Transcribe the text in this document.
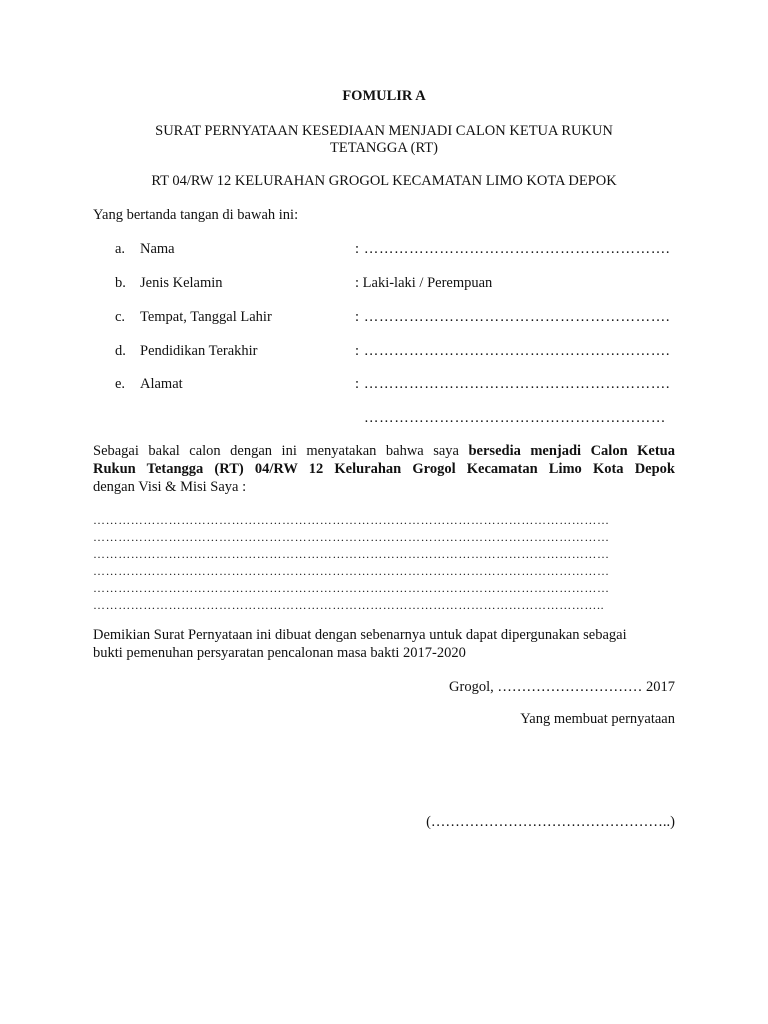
FOMULIR A
SURAT PERNYATAAN KESEDIAAN MENJADI CALON KETUA RUKUN
TETANGGA (RT)
RT 04/RW 12 KELURAHAN GROGOL KECAMATAN LIMO KOTA DEPOK
Yang bertanda tangan di bawah ini:
a. Nama	: …………………………………………………….
b. Jenis Kelamin	: Laki-laki / Perempuan
c. Tempat, Tanggal Lahir	: …………………………………………………….
d. Pendidikan Terakhir	: …………………………………………………….
e. Alamat	: …………………………………………………….
……………………………………………………
Sebagai bakal calon dengan ini menyatakan bahwa saya bersedia menjadi Calon Ketua
Rukun Tetangga (RT) 04/RW 12 Kelurahan Grogol Kecamatan Limo Kota Depok
dengan Visi & Misi Saya :
……………………………………………………………………………………………………………
……………………………………………………………………………………………………………
……………………………………………………………………………………………………………
……………………………………………………………………………………………………………
……………………………………………………………………………………………………………
…………………………………………………………………………………………………………..
Demikian Surat Pernyataan ini dibuat dengan sebenarnya untuk dapat dipergunakan sebagai
bukti pemenuhan persyaratan pencalonan masa bakti 2017-2020
Grogol, ………………………… 2017
Yang membuat pernyataan
(…………………………………………..)
